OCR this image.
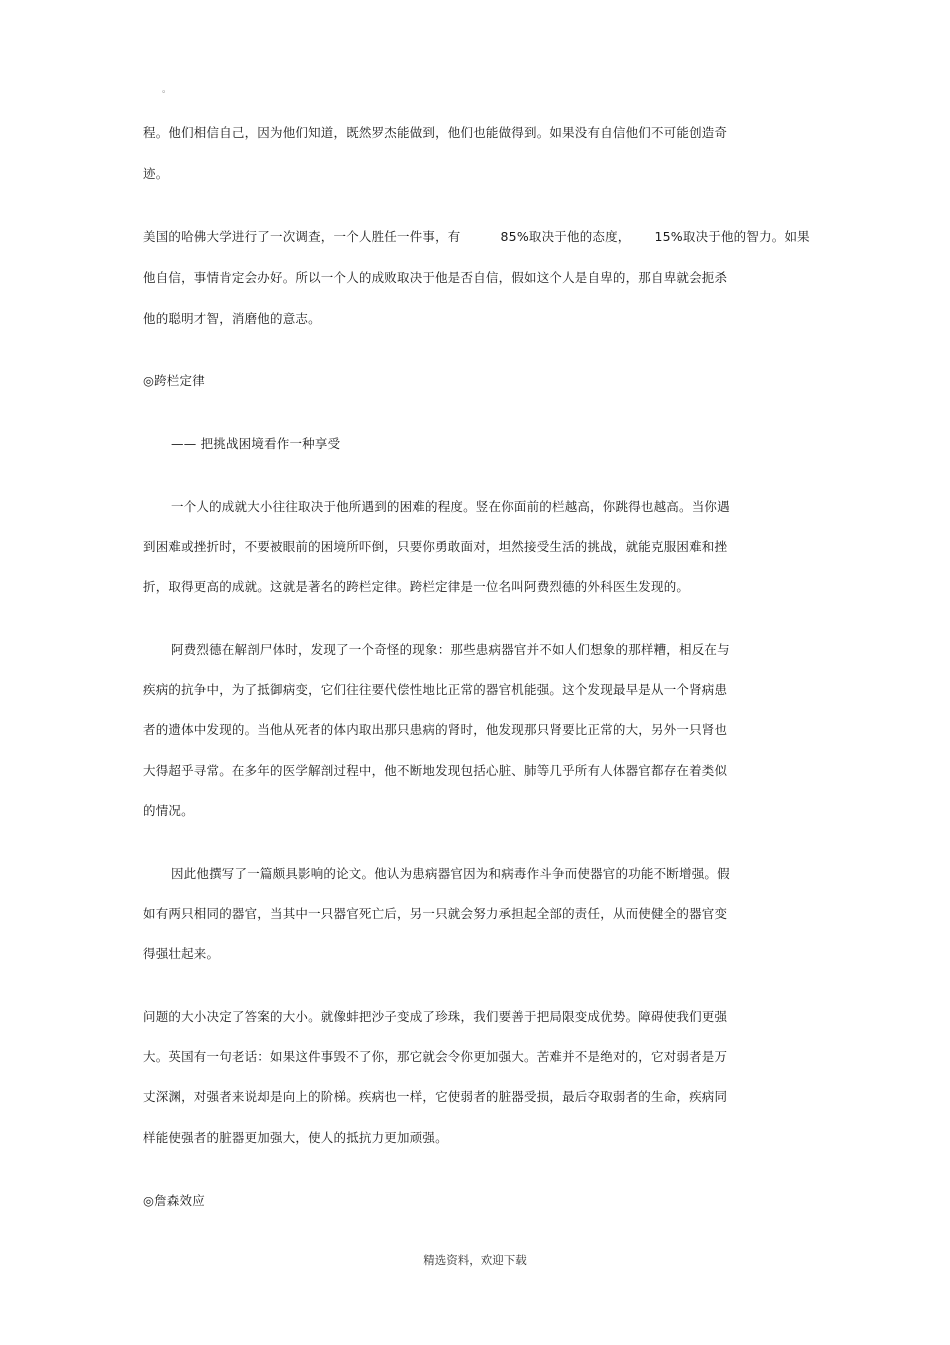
。
程。他们相信自己，因为他们知道，既然罗杰能做到，他们也能做得到。如果没有自信他们不可能创造奇
迹。
美国的哈佛大学进行了一次调查，一个人胜任一件事，有	85%取决于他的态度， 15%取决于他的智力。如果
他自信，事情肯定会办好。所以一个人的成败取决于他是否自信，假如这个人是自卑的，那自卑就会扼杀
他的聪明才智，消磨他的意志。
◎跨栏定律
—— 把挑战困境看作一种享受
一个人的成就大小往往取决于他所遇到的困难的程度。竖在你面前的栏越高，你跳得也越高。当你遇
到困难或挫折时，不要被眼前的困境所吓倒，只要你勇敢面对，坦然接受生活的挑战，就能克服困难和挫
折，取得更高的成就。这就是著名的跨栏定律。跨栏定律是一位名叫阿费烈德的外科医生发现的。
阿费烈德在解剖尸体时，发现了一个奇怪的现象：那些患病器官并不如人们想象的那样糟，相反在与
疾病的抗争中，为了抵御病变，它们往往要代偿性地比正常的器官机能强。这个发现最早是从一个肾病患
者的遗体中发现的。当他从死者的体内取出那只患病的肾时，他发现那只肾要比正常的大，另外一只肾也
大得超乎寻常。在多年的医学解剖过程中，他不断地发现包括心脏、肺等几乎所有人体器官都存在着类似
的情况。
因此他撰写了一篇颇具影响的论文。他认为患病器官因为和病毒作斗争而使器官的功能不断增强。假
如有两只相同的器官，当其中一只器官死亡后，另一只就会努力承担起全部的责任，从而使健全的器官变
得强壮起来。
问题的大小决定了答案的大小。就像蚌把沙子变成了珍珠，我们要善于把局限变成优势。障碍使我们更强
大。英国有一句老话：如果这件事毁不了你，那它就会令你更加强大。苦难并不是绝对的，它对弱者是万
丈深渊，对强者来说却是向上的阶梯。疾病也一样，它使弱者的脏器受损，最后夺取弱者的生命，疾病同
样能使强者的脏器更加强大，使人的抵抗力更加顽强。
◎詹森效应
精选资料，欢迎下载
